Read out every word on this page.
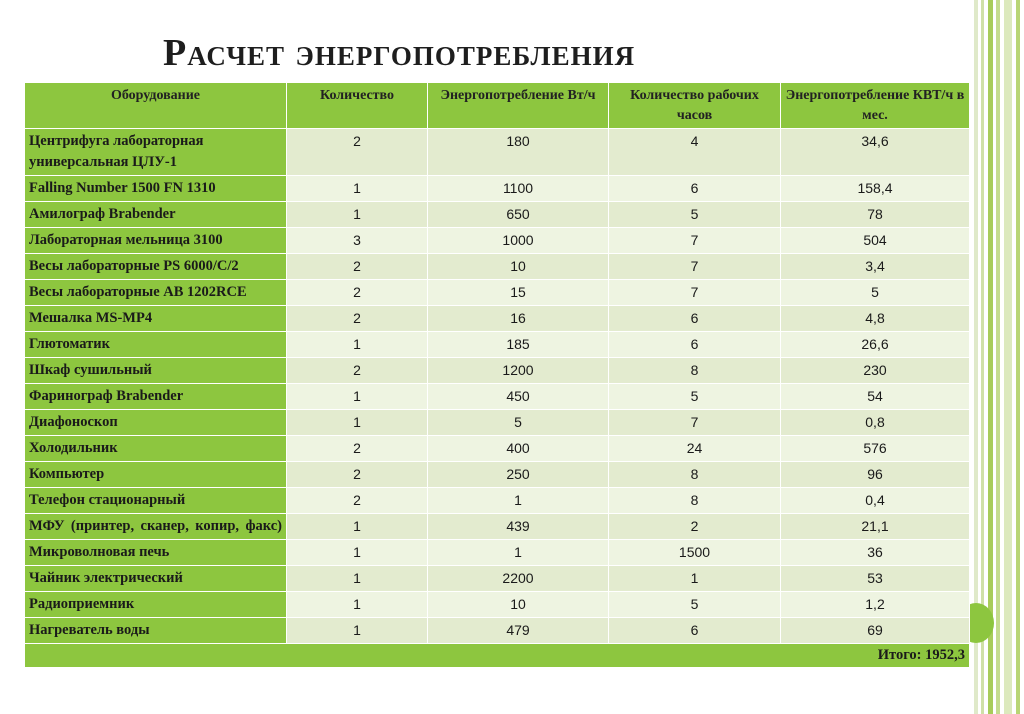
Расчет энергопотребления
Оборудование	Количество	Энергопотребление Вт/ч	Количество рабочих часов	Энергопотребление КВТ/ч в мес.
Центрифуга лабораторная универсальная ЦЛУ-1	2	180	4	34,6
Falling Number 1500 FN 1310	1	1100	6	158,4
Амилограф Brabender	1	650	5	78
Лабораторная мельница 3100	3	1000	7	504
Весы лабораторные PS 6000/C/2	2	10	7	3,4
Весы лабораторные АВ 1202RCE	2	15	7	5
Мешалка MS-MP4	2	16	6	4,8
Глютоматик	1	185	6	26,6
Шкаф сушильный	2	1200	8	230
Фаринограф Brabender	1	450	5	54
Диафоноскоп	1	5	7	0,8
Холодильник	2	400	24	576
Компьютер	2	250	8	96
Телефон стационарный	2	1	8	0,4
МФУ (принтер, сканер, копир, факс)	1	439	2	21,1
Микроволновая печь	1	1	1500	36
Чайник электрический	1	2200	1	53
Радиоприемник	1	10	5	1,2
Нагреватель воды	1	479	6	69
Итого: 1952,3				
